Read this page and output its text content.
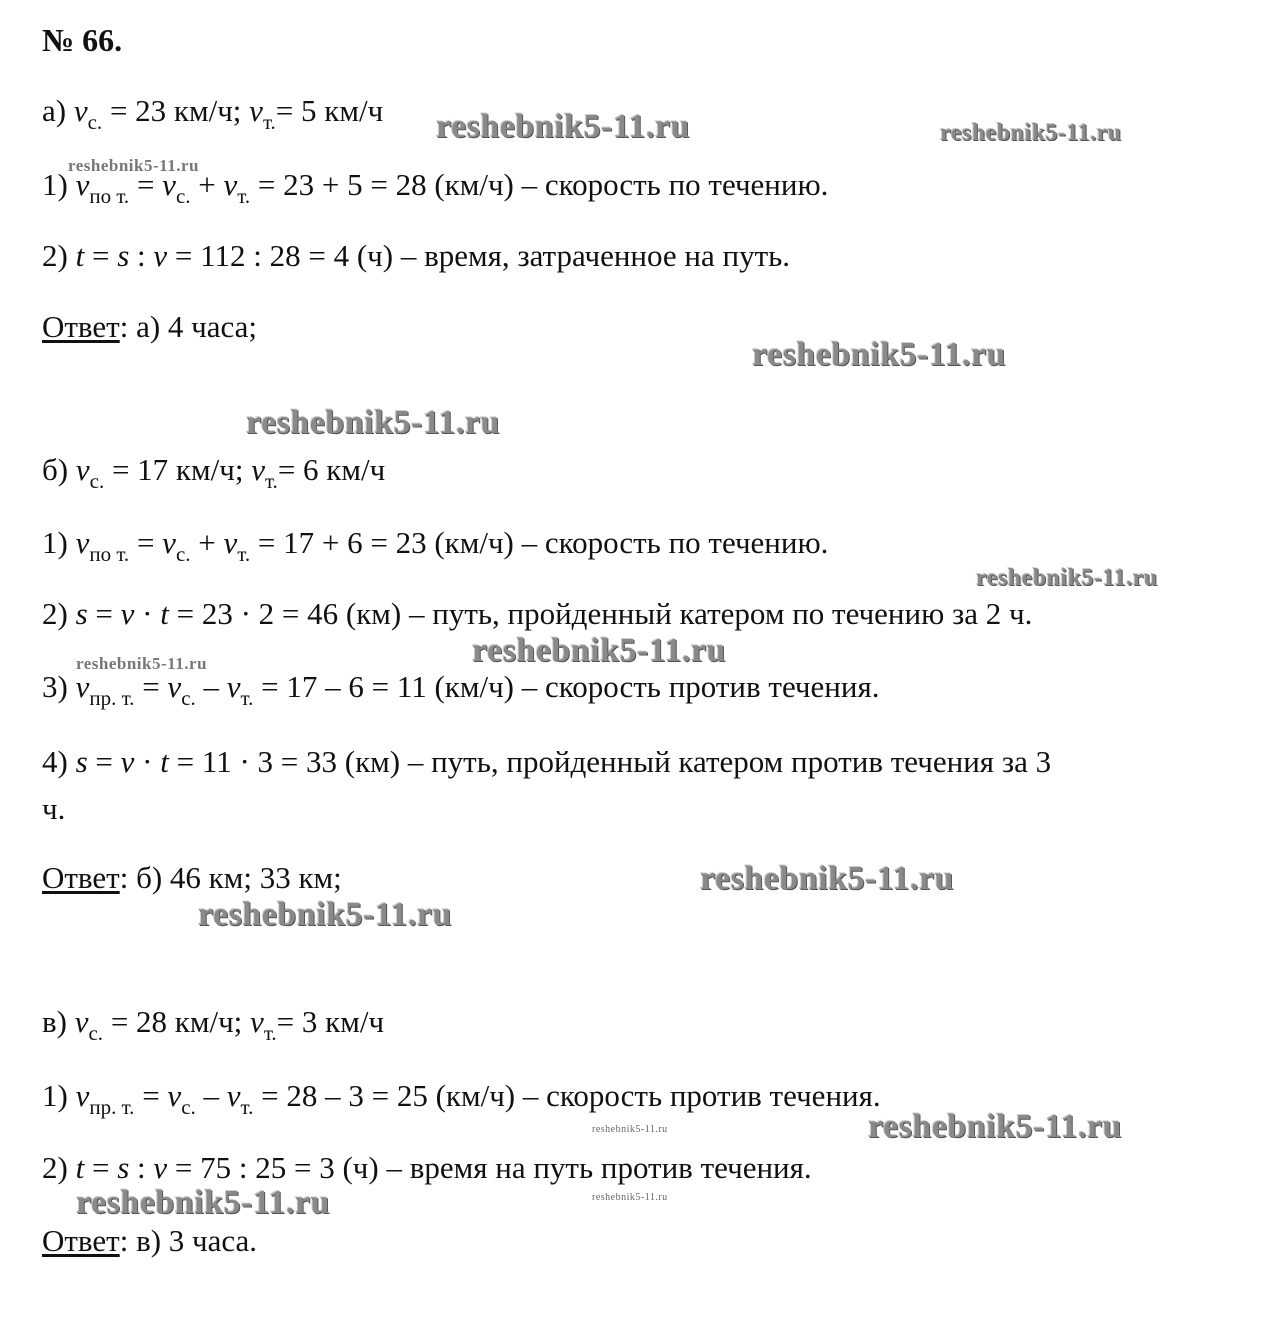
№ 66.
а) $v_{с.} = 23$ км/ч; $v_{т.}= 5$ км/ч
1) $v_{по т.} = v_{с.} + v_{т.} = 23 + 5 = 28$ (км/ч) – скорость по течению.
2) t = s : v = 112 : 28 = 4 (ч) – время, затраченное на путь.
Ответ: а) 4 часа;
б) $v_{с.} = 17$ км/ч; $v_{т.}= 6$ км/ч
1) $v_{по т.} = v_{с.} + v_{т.} = 17 + 6 = 23$ (км/ч) – скорость по течению.
2) s = v · t = 23 · 2 = 46 (км) – путь, пройденный катером по течению за 2 ч.
3) $v_{пр. т.} = v_{с.} - v_{т.} = 17 - 6 = 11$ (км/ч) – скорость против течения.
4) s = v · t = 11 · 3 = 33 (км) – путь, пройденный катером против течения за 3
ч.
Ответ: б) 46 км; 33 км;
в) $v_{с.} = 28$ км/ч; $v_{т.}= 3$ км/ч
1) $v_{пр. т.} = v_{с.} - v_{т.} = 28 - 3 = 25$ (км/ч) – скорость против течения.
2) t = s : v = 75 : 25 = 3 (ч) – время на путь против течения.
Ответ: в) 3 часа.
reshebnik5-11.ru	reshebnik5-11.ru
reshebnik5-11.ru
reshebnik5-11.ru
reshebnik5-11.ru
reshebnik5-11.ru
reshebnik5-11.ru
reshebnik5-11.ru
reshebnik5-11.ru
reshebnik5-11.ru
reshebnik5-11.ru	reshebnik5-11.ru
reshebnik5-11.ru
reshebnik5-11.ru
